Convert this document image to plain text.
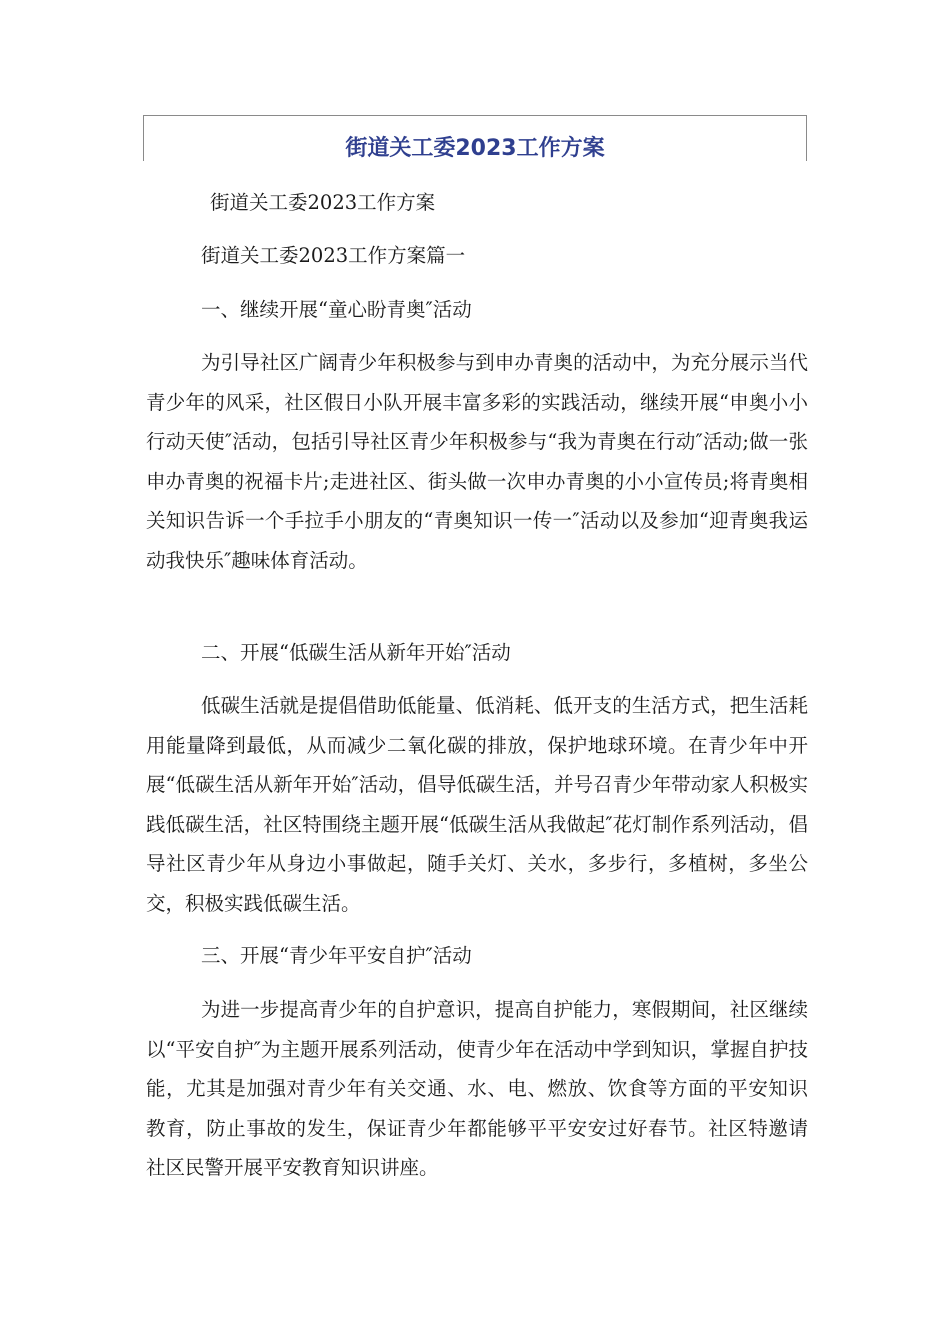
街道关工委2023工作方案
街道关工委2023工作方案
街道关工委2023工作方案篇一
一、继续开展“童心盼青奥″活动
为引导社区广阔青少年积极参与到申办青奥的活动中，为充分展示当代青少年的风采，社区假日小队开展丰富多彩的实践活动，继续开展“申奥小小行动天使″活动，包括引导社区青少年积极参与“我为青奥在行动″活动;做一张申办青奥的祝福卡片;走进社区、街头做一次申办青奥的小小宣传员;将青奥相关知识告诉一个手拉手小朋友的“青奥知识一传一″活动以及参加“迎青奥我运动我快乐″趣味体育活动。
二、开展“低碳生活从新年开始″活动
低碳生活就是提倡借助低能量、低消耗、低开支的生活方式，把生活耗用能量降到最低，从而减少二氧化碳的排放，保护地球环境。在青少年中开展“低碳生活从新年开始″活动，倡导低碳生活，并号召青少年带动家人积极实践低碳生活，社区特围绕主题开展“低碳生活从我做起″花灯制作系列活动，倡导社区青少年从身边小事做起，随手关灯、关水，多步行，多植树，多坐公交，积极实践低碳生活。
三、开展“青少年平安自护″活动
为进一步提高青少年的自护意识，提高自护能力，寒假期间，社区继续以“平安自护″为主题开展系列活动，使青少年在活动中学到知识，掌握自护技能，尤其是加强对青少年有关交通、水、电、燃放、饮食等方面的平安知识教育，防止事故的发生，保证青少年都能够平平安安过好春节。社区特邀请社区民警开展平安教育知识讲座。
